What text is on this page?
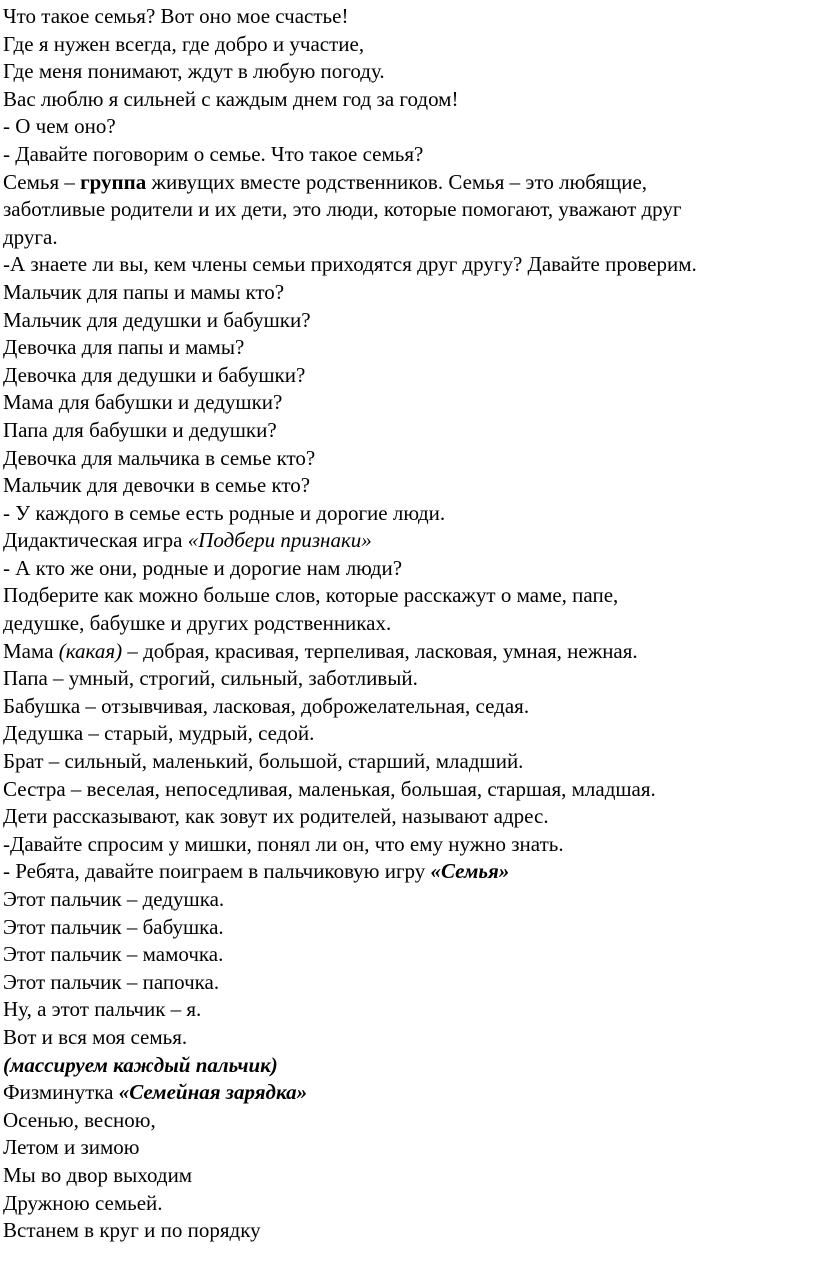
Что такое семья? Вот оно мое счастье!
Где я нужен всегда, где добро и участие,
Где меня понимают, ждут в любую погоду.
Вас люблю я сильней с каждым днем год за годом!
- О чем оно?
- Давайте поговорим о семье. Что такое семья?
Семья – группа живущих вместе родственников. Семья – это любящие,
заботливые родители и их дети, это люди, которые помогают, уважают друг
друга.
-А знаете ли вы, кем члены семьи приходятся друг другу? Давайте проверим.
Мальчик для папы и мамы кто?
Мальчик для дедушки и бабушки?
Девочка для папы и мамы?
Девочка для дедушки и бабушки?
Мама для бабушки и дедушки?
Папа для бабушки и дедушки?
Девочка для мальчика в семье кто?
Мальчик для девочки в семье кто?
- У каждого в семье есть родные и дорогие люди.
Дидактическая игра «Подбери признаки»
- А кто же они, родные и дорогие нам люди?
Подберите как можно больше слов, которые расскажут о маме, папе,
дедушке, бабушке и других родственниках.
Мама (какая) – добрая, красивая, терпеливая, ласковая, умная, нежная.
Папа – умный, строгий, сильный, заботливый.
Бабушка – отзывчивая, ласковая, доброжелательная, седая.
Дедушка – старый, мудрый, седой.
Брат – сильный, маленький, большой, старший, младший.
Сестра – веселая, непоседливая, маленькая, большая, старшая, младшая.
Дети рассказывают, как зовут их родителей, называют адрес.
-Давайте спросим у мишки, понял ли он, что ему нужно знать.
- Ребята, давайте поиграем в пальчиковую игру «Семья»
Этот пальчик – дедушка.
Этот пальчик – бабушка.
Этот пальчик – мамочка.
Этот пальчик – папочка.
Ну, а этот пальчик – я.
Вот и вся моя семья.
(массируем каждый пальчик)
Физминутка «Семейная зарядка»
Осенью, весною,
Летом и зимою
Мы во двор выходим
Дружною семьей.
Встанем в круг и по порядку
